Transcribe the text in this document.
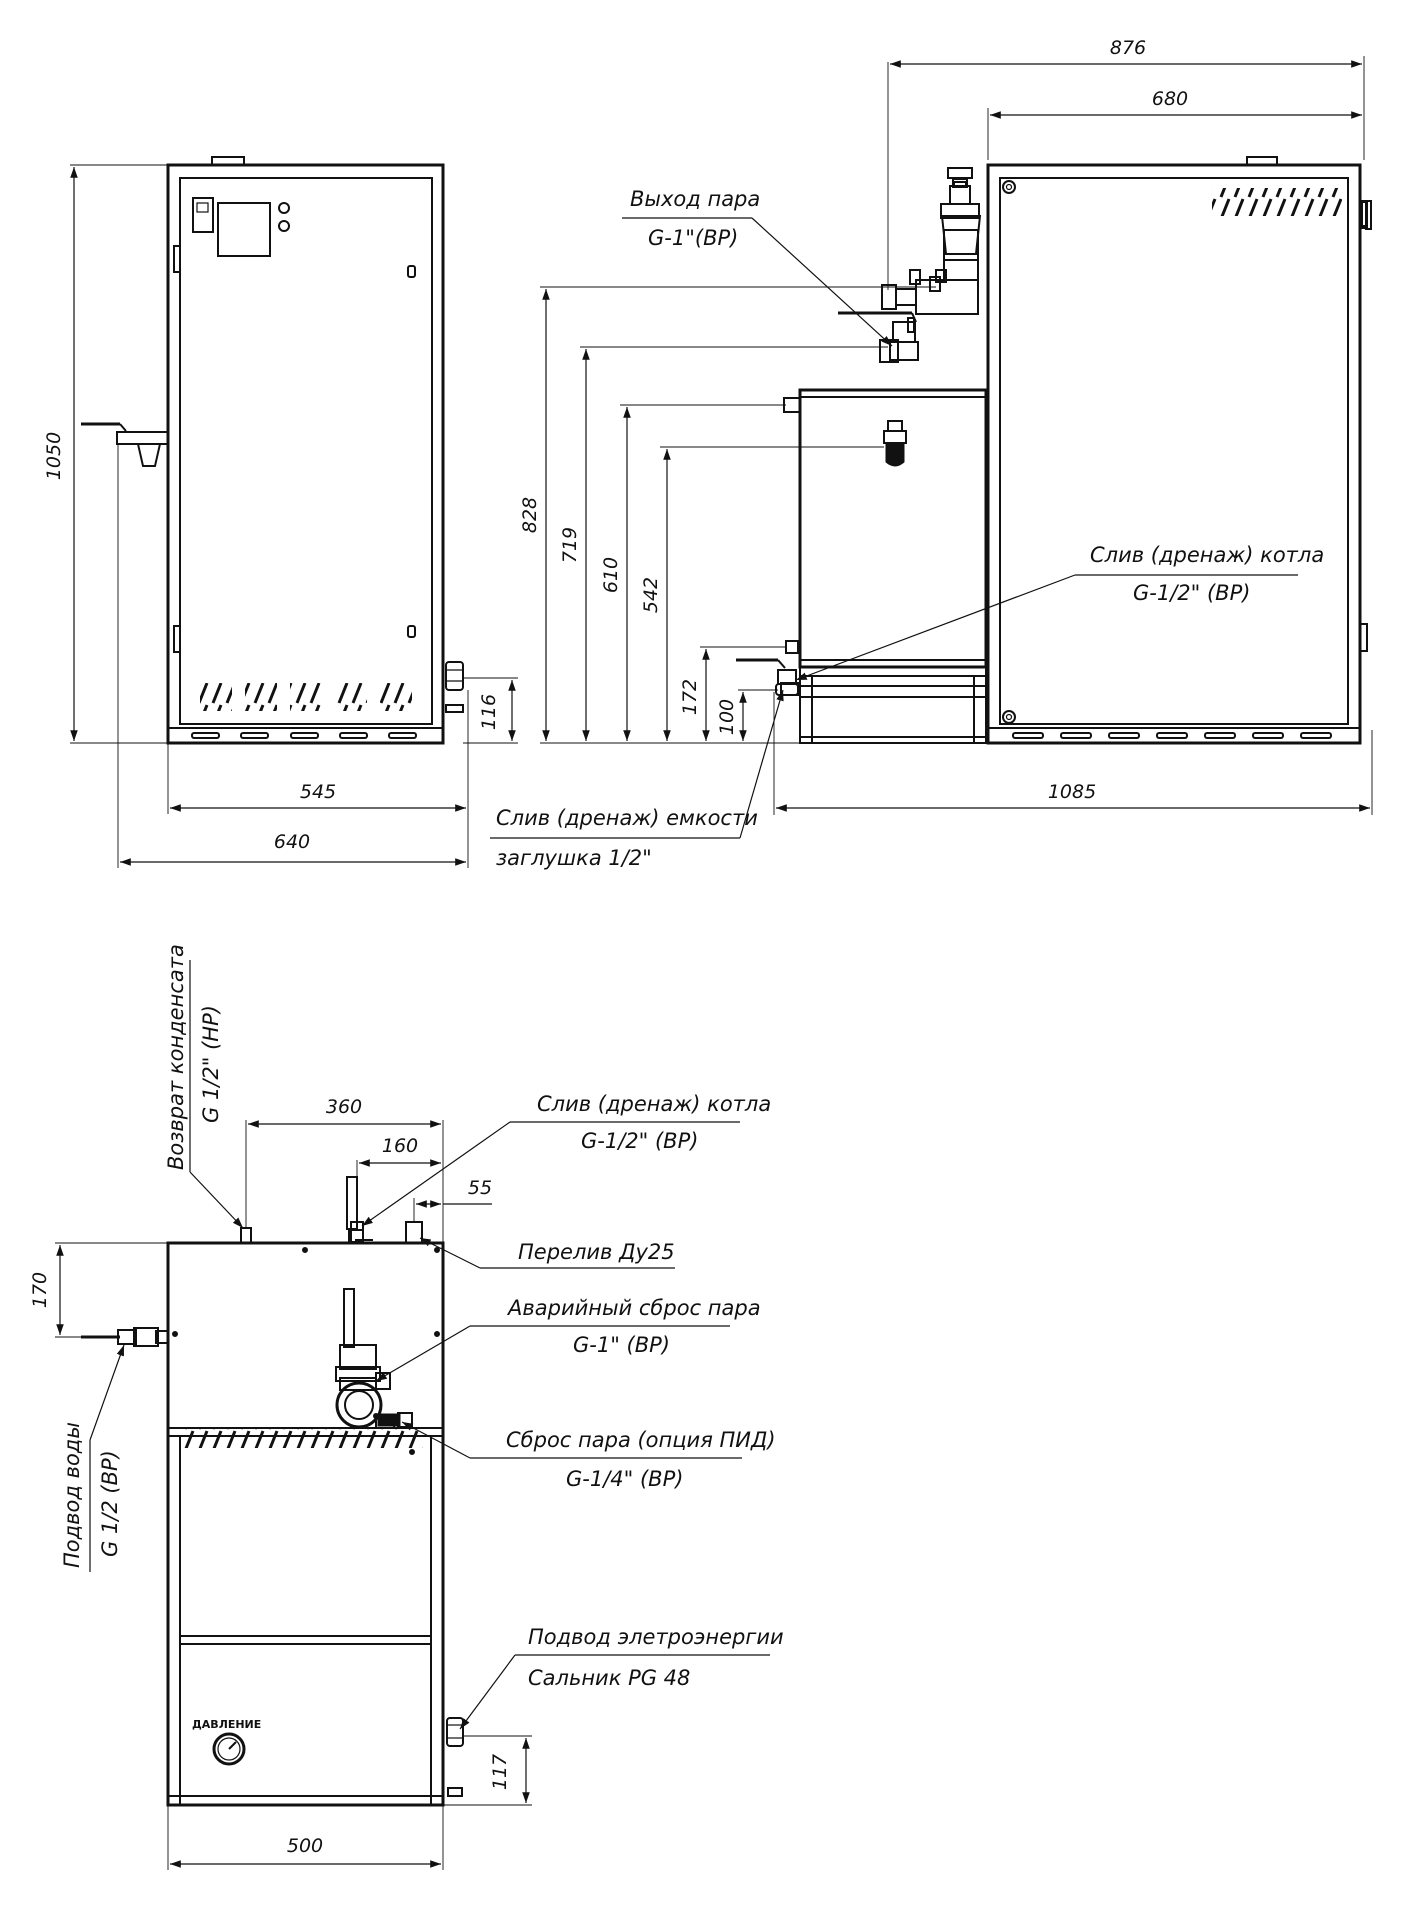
1050
545
640
116
876
680
828
719
610
542
172
100
1085
Выход пара
G-1"(ВР)
Слив (дренаж) котла
G-1/2" (ВР)
Слив (дренаж) емкости
заглушка 1/2"
ДАВЛЕНИЕ
360
160
55
170
117
500
Возврат конденсата G 1/2" (НР)	Слив (дренаж) котла
G-1/2" (ВР)
Перелив Ду25
Аварийный сброс пара
G-1" (ВР)
Сброс пара (опция ПИД)
G-1/4" (ВР)
Подвод воды G 1/2 (ВР)
Подвод элетроэнергии
Сальник PG 48
